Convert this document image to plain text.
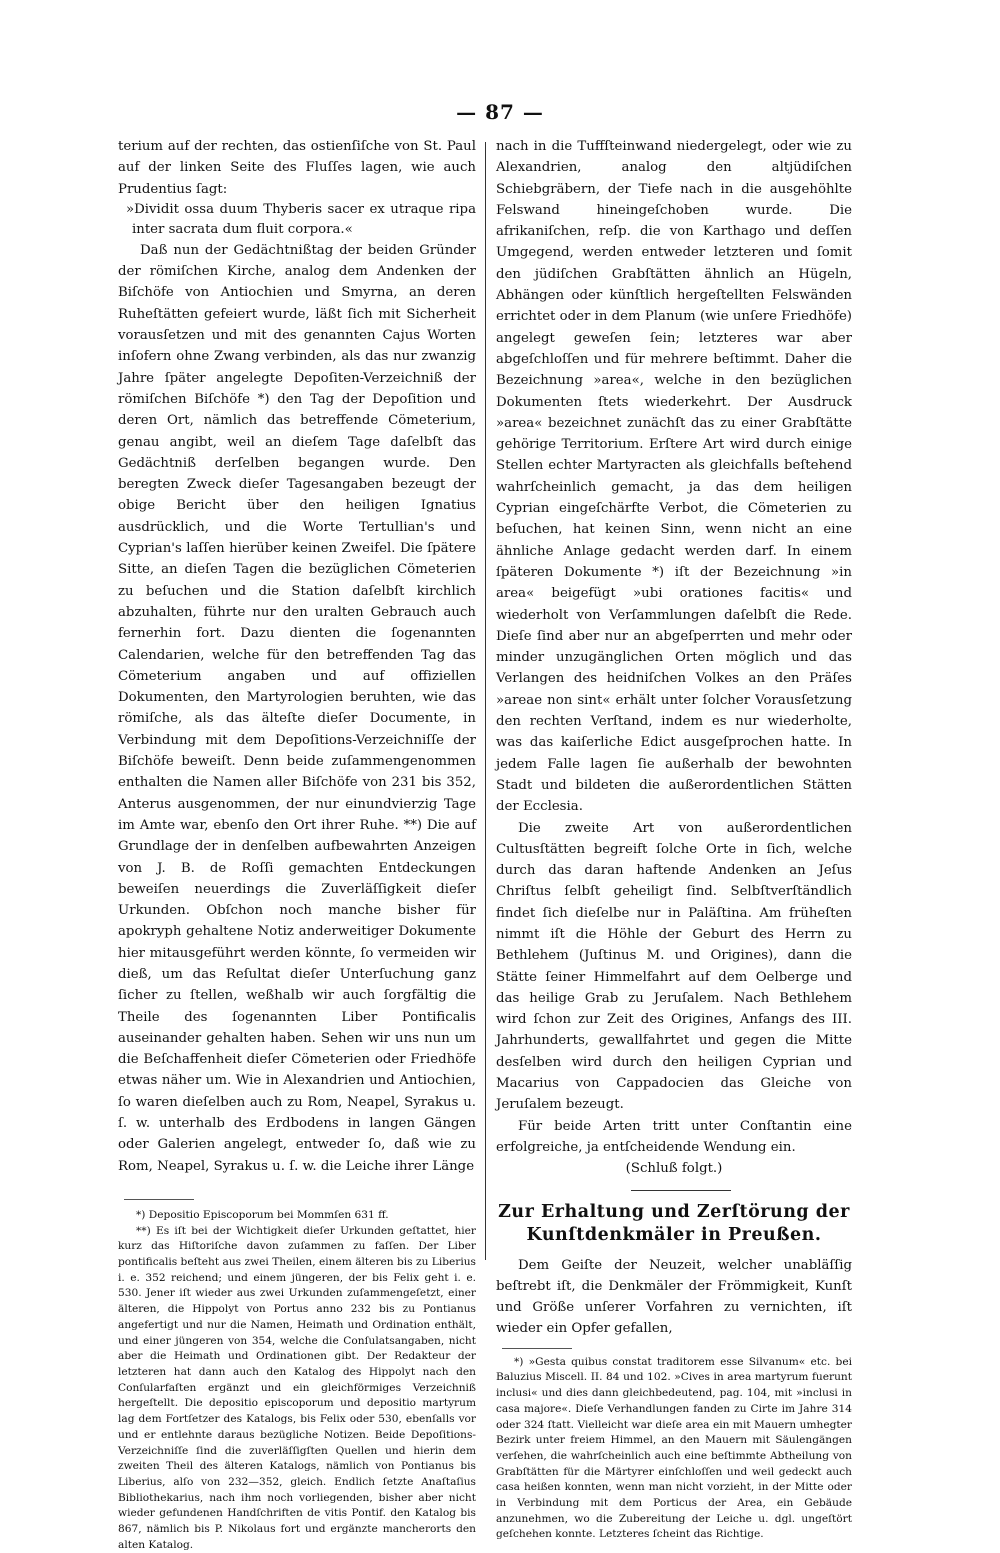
— 87 —

terium auf der rechten, das ostienſiſche von St. Paul auf der linken Seite des Fluſſes lagen, wie auch Prudentius ſagt:

»Dividit ossa duum Thyberis sacer ex utraque ripa inter sacrata dum fluit corpora.«

Daß nun der Gedächtnißtag der beiden Gründer der römiſchen Kirche, analog dem Andenken der Biſchöfe von Antiochien und Smyrna, an deren Ruheſtätten gefeiert wurde, läßt ſich mit Sicherheit vorausſetzen und mit des genannten Cajus Worten inſofern ohne Zwang verbinden, als das nur zwanzig Jahre ſpäter angelegte Depoſiten-Verzeichniß der römiſchen Biſchöfe *) den Tag der Depoſition und deren Ort, nämlich das betreffende Cömeterium, genau angibt, weil an dieſem Tage daſelbſt das Gedächtniß derſelben begangen wurde. Den beregten Zweck dieſer Tagesangaben bezeugt der obige Bericht über den heiligen Ignatius ausdrücklich, und die Worte Tertullian's und Cyprian's laſſen hierüber keinen Zweifel. Die ſpätere Sitte, an dieſen Tagen die bezüglichen Cömeterien zu beſuchen und die Station daſelbſt kirchlich abzuhalten, führte nur den uralten Gebrauch auch fernerhin fort. Dazu dienten die ſogenannten Calendarien, welche für den betreffenden Tag das Cömeterium angaben und auf offiziellen Dokumenten, den Martyrologien beruhten, wie das römiſche, als das älteſte dieſer Documente, in Verbindung mit dem Depoſitions-Verzeichniſſe der Biſchöfe beweiſt. Denn beide zuſammengenommen enthalten die Namen aller Biſchöfe von 231 bis 352, Anterus ausgenommen, der nur einundvierzig Tage im Amte war, ebenſo den Ort ihrer Ruhe. **) Die auf Grundlage der in denſelben aufbewahrten Anzeigen von J. B. de Roſſi gemachten Entdeckungen beweiſen neuerdings die Zuverläſſigkeit dieſer Urkunden. Obſchon noch manche bisher für apokryph gehaltene Notiz anderweitiger Dokumente hier mitausgeführt werden könnte, ſo vermeiden wir dieß, um das Reſultat dieſer Unterſuchung ganz ſicher zu ſtellen, weßhalb wir auch ſorgfältig die Theile des ſogenannten Liber Pontificalis auseinander gehalten haben. Sehen wir uns nun um die Beſchaffenheit dieſer Cömeterien oder Friedhöfe etwas näher um. Wie in Alexandrien und Antiochien, ſo waren dieſelben auch zu Rom, Neapel, Syrakus u. ſ. w. unterhalb des Erdbodens in langen Gängen oder Galerien angelegt, entweder ſo, daß wie zu Rom, Neapel, Syrakus u. ſ. w. die Leiche ihrer Länge

*) Depositio Episcoporum bei Mommſen 631 ff.

**) Es iſt bei der Wichtigkeit dieſer Urkunden geſtattet, hier kurz das Hiſtoriſche davon zuſammen zu faſſen. Der Liber pontificalis beſteht aus zwei Theilen, einem älteren bis zu Liberius i. e. 352 reichend; und einem jüngeren, der bis Felix geht i. e. 530. Jener iſt wieder aus zwei Urkunden zuſammengeſetzt, einer älteren, die Hippolyt von Portus anno 232 bis zu Pontianus angefertigt und nur die Namen, Heimath und Ordination enthält, und einer jüngeren von 354, welche die Conſulatsangaben, nicht aber die Heimath und Ordinationen gibt. Der Redakteur der letzteren hat dann auch den Katalog des Hippolyt nach den Conſularfaſten ergänzt und ein gleichförmiges Verzeichniß hergeſtellt. Die depositio episcoporum und depositio martyrum lag dem Fortſetzer des Katalogs, bis Felix oder 530, ebenſalls vor und er entlehnte daraus bezügliche Notizen. Beide Depoſitions-Verzeichniſſe ſind die zuverläſſigſten Quellen und hierin dem zweiten Theil des älteren Katalogs, nämlich von Pontianus bis Liberius, alſo von 232—352, gleich. Endlich ſetzte Anaſtaſius Bibliothekarius, nach ihm noch vorliegenden, bisher aber nicht wieder gefundenen Handſchriften de vitis Pontif. den Katalog bis 867, nämlich bis P. Nikolaus fort und ergänzte mancherorts den alten Katalog.

nach in die Tuffſteinwand niedergelegt, oder wie zu Alexandrien, analog den altjüdiſchen Schiebgräbern, der Tiefe nach in die ausgehöhlte Felswand hineingeſchoben wurde. Die afrikaniſchen, reſp. die von Karthago und deſſen Umgegend, werden entweder letzteren und ſomit den jüdiſchen Grabſtätten ähnlich an Hügeln, Abhängen oder künſtlich hergeſtellten Felswänden errichtet oder in dem Planum (wie unſere Friedhöfe) angelegt geweſen ſein; letzteres war aber abgeſchloſſen und für mehrere beſtimmt. Daher die Bezeichnung »area«, welche in den bezüglichen Dokumenten ſtets wiederkehrt. Der Ausdruck »area« bezeichnet zunächſt das zu einer Grabſtätte gehörige Territorium. Erſtere Art wird durch einige Stellen echter Martyracten als gleichfalls beſtehend wahrſcheinlich gemacht, ja das dem heiligen Cyprian eingeſchärfte Verbot, die Cömeterien zu beſuchen, hat keinen Sinn, wenn nicht an eine ähnliche Anlage gedacht werden darf. In einem ſpäteren Dokumente *) iſt der Bezeichnung »in area« beigefügt »ubi orationes facitis« und wiederholt von Verſammlungen daſelbſt die Rede. Dieſe ſind aber nur an abgeſperrten und mehr oder minder unzugänglichen Orten möglich und das Verlangen des heidniſchen Volkes an den Präſes »areae non sint« erhält unter ſolcher Vorausſetzung den rechten Verſtand, indem es nur wiederholte, was das kaiſerliche Edict ausgeſprochen hatte. In jedem Falle lagen ſie außerhalb der bewohnten Stadt und bildeten die außerordentlichen Stätten der Ecclesia.

Die zweite Art von außerordentlichen Cultusſtätten begreift ſolche Orte in ſich, welche durch das daran haftende Andenken an Jeſus Chriſtus ſelbſt geheiligt ſind. Selbſtverſtändlich findet ſich dieſelbe nur in Paläſtina. Am früheſten nimmt iſt die Höhle der Geburt des Herrn zu Bethlehem (Juſtinus M. und Origines), dann die Stätte ſeiner Himmelfahrt auf dem Oelberge und das heilige Grab zu Jeruſalem. Nach Bethlehem wird ſchon zur Zeit des Origines, Anfangs des III. Jahrhunderts, gewallfahrtet und gegen die Mitte desſelben wird durch den heiligen Cyprian und Macarius von Cappadocien das Gleiche von Jeruſalem bezeugt.

Für beide Arten tritt unter Conſtantin eine erfolgreiche, ja entſcheidende Wendung ein.

(Schluß folgt.)

Zur Erhaltung und Zerſtörung der Kunſtdenkmäler in Preußen.

Dem Geiſte der Neuzeit, welcher unabläſſig beſtrebt iſt, die Denkmäler der Frömmigkeit, Kunſt und Größe unſerer Vorfahren zu vernichten, iſt wieder ein Opfer gefallen,

*) »Gesta quibus constat traditorem esse Silvanum« etc. bei Baluzius Miscell. II. 84 und 102. »Cives in area martyrum fuerunt inclusi« und dies dann gleichbedeutend, pag. 104, mit »inclusi in casa majore«. Dieſe Verhandlungen fanden zu Cirte im Jahre 314 oder 324 ſtatt. Vielleicht war dieſe area ein mit Mauern umhegter Bezirk unter freiem Himmel, an den Mauern mit Säulengängen verſehen, die wahrſcheinlich auch eine beſtimmte Abtheilung von Grabſtätten für die Märtyrer einſchloſſen und weil gedeckt auch casa heißen konnten, wenn man nicht vorzieht, in der Mitte oder in Verbindung mit dem Porticus der Area, ein Gebäude anzunehmen, wo die Zubereitung der Leiche u. dgl. ungeſtört geſchehen konnte. Letzteres ſcheint das Richtige.
